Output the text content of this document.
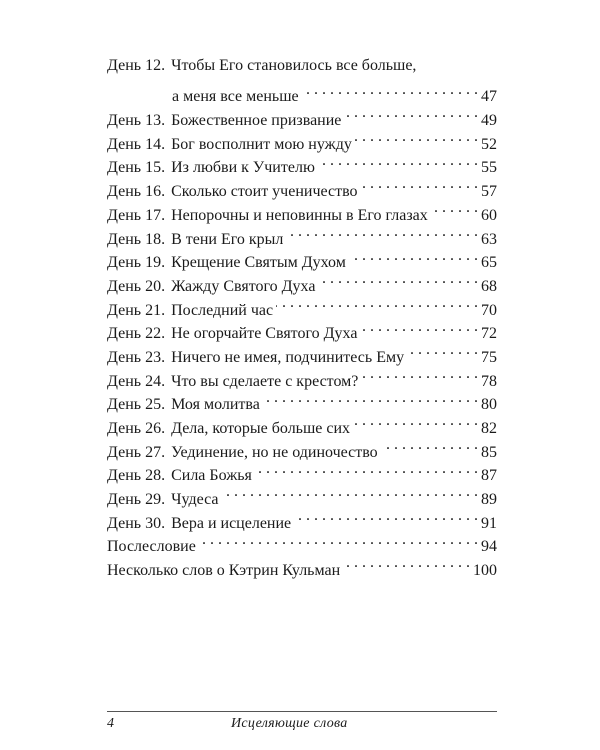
День 12. Чтобы Его становилось все больше,
а меня все меньше . . .	47
День 13. Божественное призвание . . .	49
День 14. Бог восполнит мою нужду . . .	52
День 15. Из любви к Учителю . . .	55
День 16. Сколько стоит ученичество . . .	57
День 17. Непорочны и неповинны в Его глазах . . .	60
День 18. В тени Его крыл . . .	63
День 19. Крещение Святым Духом . . .	65
День 20. Жажду Святого Духа . . .	68
День 21. Последний час . . .	70
День 22. Не огорчайте Святого Духа . . .	72
День 23. Ничего не имея, подчинитесь Ему . . .	75
День 24. Что вы сделаете с крестом? . . .	78
День 25. Моя молитва . . .	80
День 26. Дела, которые больше сих . . .	82
День 27. Уединение, но не одиночество . . .	85
День 28. Сила Божья . . .	87
День 29. Чудеса . . .	89
День 30. Вера и исцеление . . .	91
Послесловие . . .	94
Несколько слов о Кэтрин Кульман . . .	100
4	Исцеляющие слова
